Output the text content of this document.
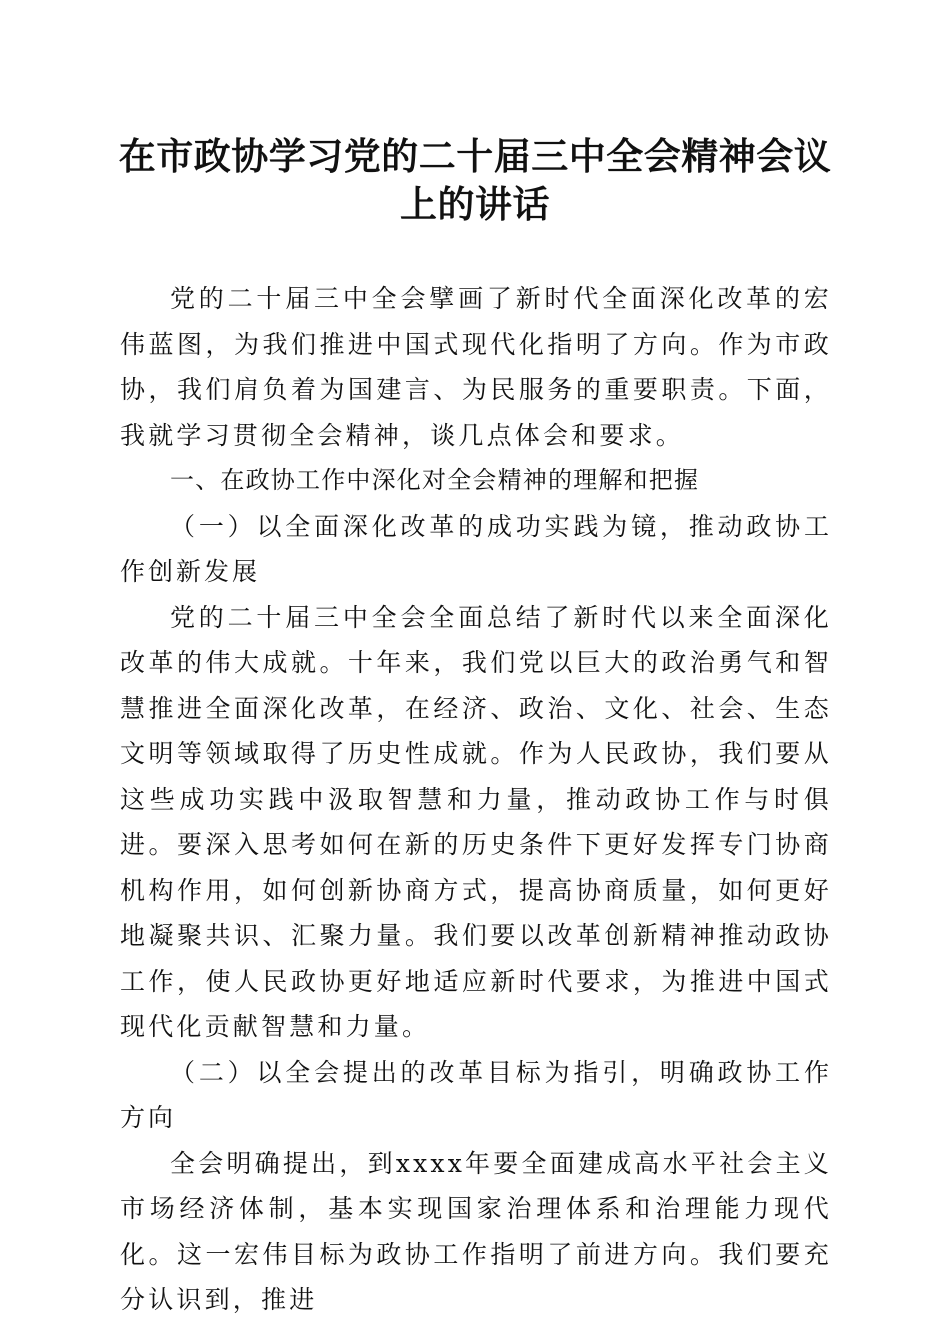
在市政协学习党的二十届三中全会精神会议上的讲话

党的二十届三中全会擘画了新时代全面深化改革的宏伟蓝图，为我们推进中国式现代化指明了方向。作为市政协，我们肩负着为国建言、为民服务的重要职责。下面，我就学习贯彻全会精神，谈几点体会和要求。

一、在政协工作中深化对全会精神的理解和把握

（一）以全面深化改革的成功实践为镜，推动政协工作创新发展

党的二十届三中全会全面总结了新时代以来全面深化改革的伟大成就。十年来，我们党以巨大的政治勇气和智慧推进全面深化改革，在经济、政治、文化、社会、生态文明等领域取得了历史性成就。作为人民政协，我们要从这些成功实践中汲取智慧和力量，推动政协工作与时俱进。要深入思考如何在新的历史条件下更好发挥专门协商机构作用，如何创新协商方式，提高协商质量，如何更好地凝聚共识、汇聚力量。我们要以改革创新精神推动政协工作，使人民政协更好地适应新时代要求，为推进中国式现代化贡献智慧和力量。

（二）以全会提出的改革目标为指引，明确政协工作方向

全会明确提出，到xxxx年要全面建成高水平社会主义市场经济体制，基本实现国家治理体系和治理能力现代化。这一宏伟目标为政协工作指明了前进方向。我们要充分认识到，推进
